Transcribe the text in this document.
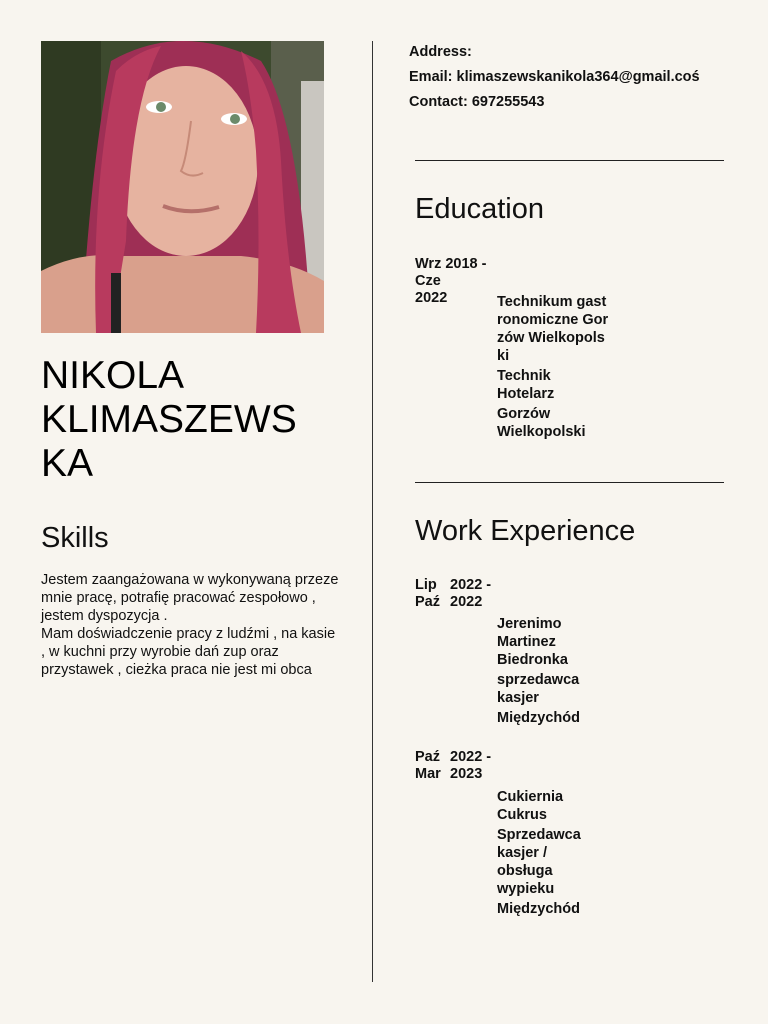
NIKOLA
KLIMASZEWS
KA
Skills

Jestem zaangażowana w wykonywaną przeze mnie pracę, potrafię pracować zespołowo , jestem dyspozycja .

Mam doświadczenie pracy z ludźmi , na kasie , w kuchni przy wyrobie dań zup oraz przystawek , cieżka praca nie jest mi obca

Address:
Email: klimaszewskanikola364@gmail.coś
Contact: 697255543
Education
Wrz 2018 - Cze
2022	Technikum gastronomiczne Gorzów Wielkopolski
Technik Hotelarz
Gorzów Wielkopolski
Work Experience
Lip 2022 -
Paź 2022
Jerenimo Martinez Biedronka
sprzedawca kasjer
Międzychód
Paź 2022 -
Mar 2023
Cukiernia Cukrus
Sprzedawca kasjer / obsługa wypieku
Międzychód
